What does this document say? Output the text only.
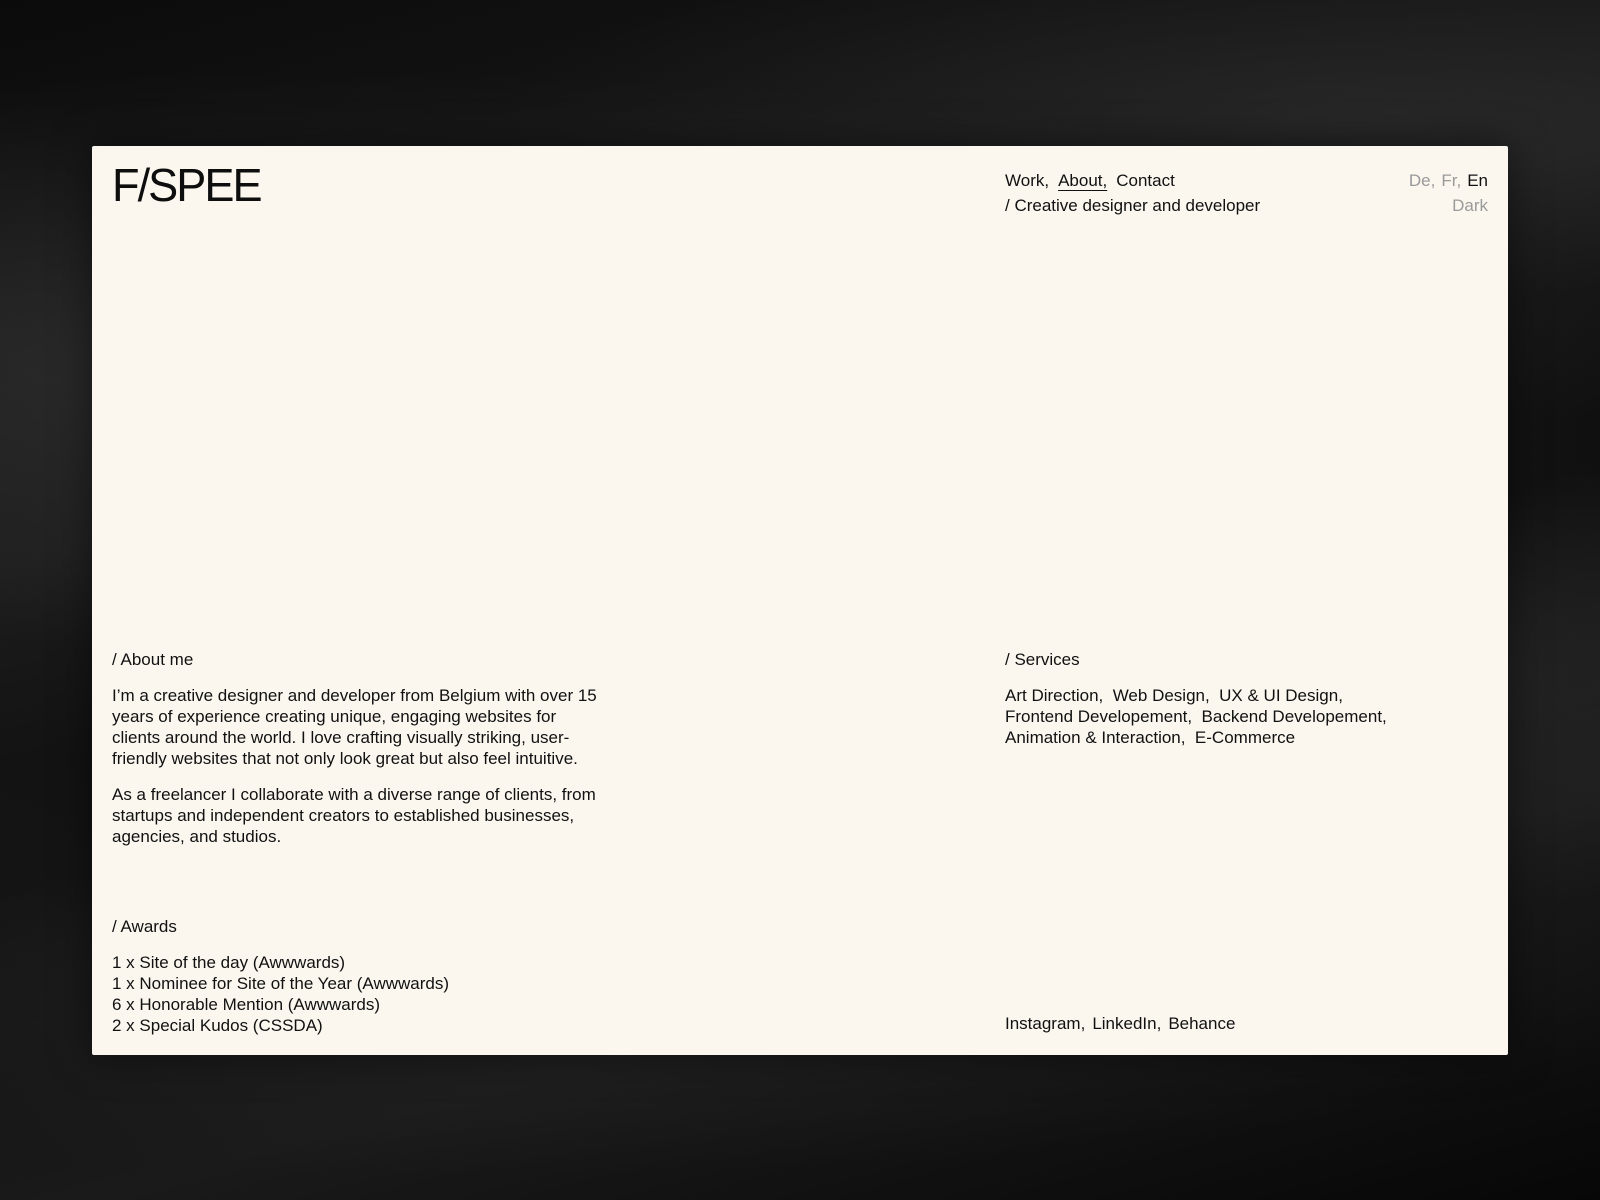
F/SPEE	Work, About, Contact
/ Creative designer and developer
De, Fr, En
Dark
/ About me

I’m a creative designer and developer from Belgium with over 15 years of experience creating unique, engaging websites for clients around the world. I love crafting visually striking, user-friendly websites that not only look great but also feel intuitive.

As a freelancer I collaborate with a diverse range of clients, from startups and independent creators to established businesses, agencies, and studios.

/ Awards
1 x Site of the day (Awwwards)
1 x Nominee for Site of the Year (Awwwards)
6 x Honorable Mention (Awwwards)
2 x Special Kudos (CSSDA)
/ Services
Art Direction,  Web Design,  UX & UI Design,
Frontend Developement,  Backend Developement,
Animation & Interaction,  E-Commerce
Instagram, LinkedIn, Behance
